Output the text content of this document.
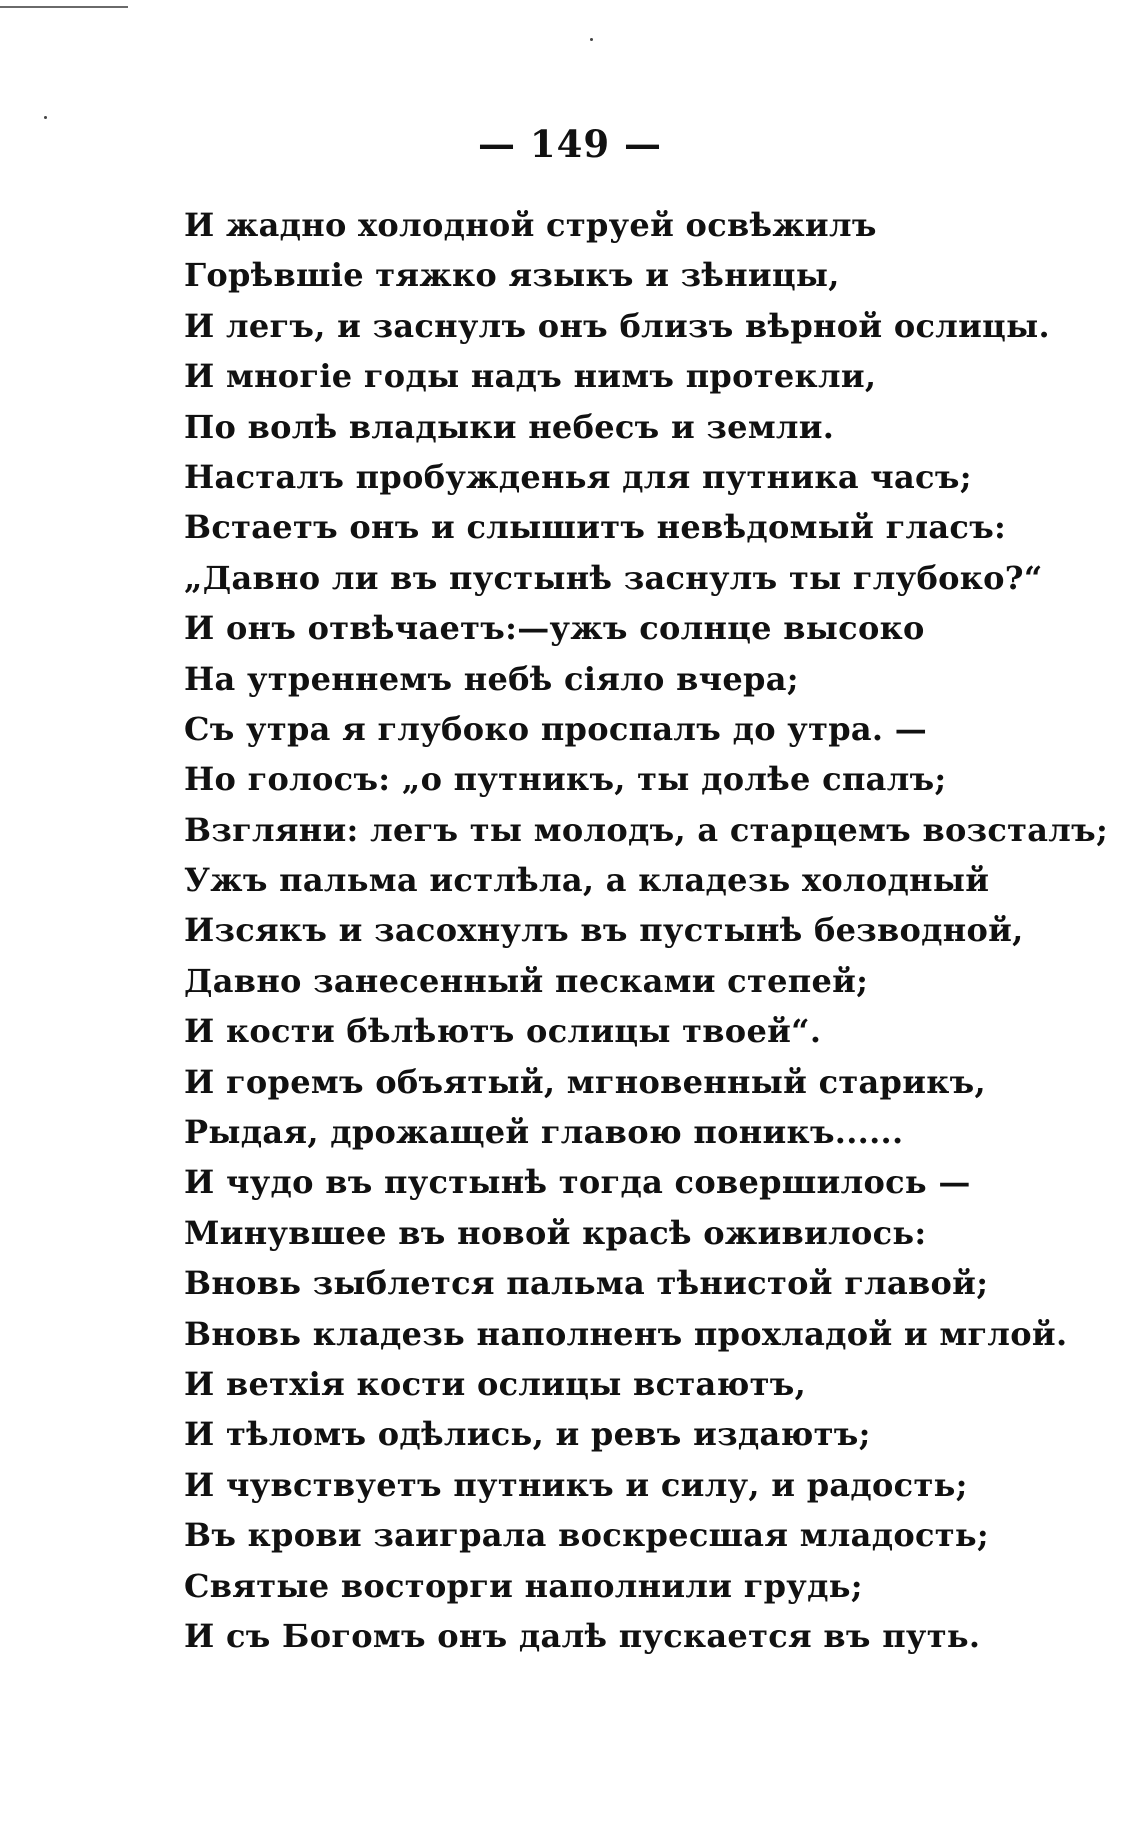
— 149 —
И жадно холодной струей освѣжилъ
Горѣвшіе тяжко языкъ и зѣницы,
И легъ, и заснулъ онъ близъ вѣрной ослицы.
И многіе годы надъ нимъ протекли,
По волѣ владыки небесъ и земли.
Насталъ пробужденья для путника часъ;
Встаетъ онъ и слышитъ невѣдомый гласъ:
„Давно ли въ пустынѣ заснулъ ты глубоко?“
И онъ отвѣчаетъ:—ужъ солнце высоко
На утреннемъ небѣ сіяло вчера;
Съ утра я глубоко проспалъ до утра. —
Но голосъ: „о путникъ, ты долѣе спалъ;
Взгляни: легъ ты молодъ, а старцемъ возсталъ;
Ужъ пальма истлѣла, а кладезь холодный
Изсякъ и засохнулъ въ пустынѣ безводной,
Давно занесенный песками степей;
И кости бѣлѣютъ ослицы твоей“.
И горемъ объятый, мгновенный старикъ,
Рыдая, дрожащей главою поникъ......
И чудо въ пустынѣ тогда совершилось —
Минувшее въ новой красѣ оживилось:
Вновь зыблется пальма тѣнистой главой;
Вновь кладезь наполненъ прохладой и мглой.
И ветхія кости ослицы встаютъ,
И тѣломъ одѣлись, и ревъ издаютъ;
И чувствуетъ путникъ и силу, и радость;
Въ крови заиграла воскресшая младость;
Святые восторги наполнили грудь;
И съ Богомъ онъ далѣ пускается въ путь.
